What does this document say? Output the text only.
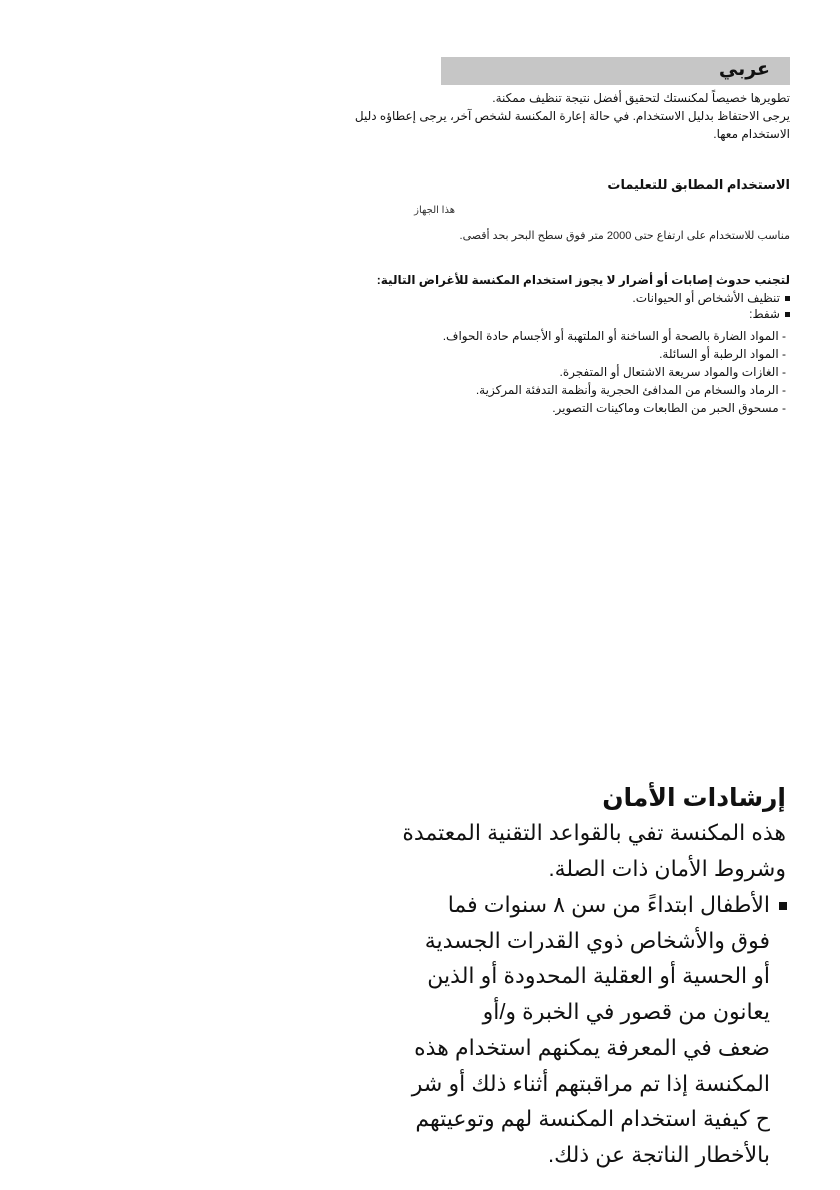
عربي
تطويرها خصيصاً لمكنستك لتحقيق أفضل نتيجة تنظيف ممكنة.
يرجى الاحتفاظ بدليل الاستخدام. في حالة إعارة المكنسة لشخص آخر، يرجى إعطاؤه دليل
الاستخدام معها.
الاستخدام المطابق للتعليمات
هذا الجهاز
مناسب للاستخدام على ارتفاع حتى 2000 متر فوق سطح البحر بحد أقصى.
لتجنب حدوث إصابات أو أضرار لا يجوز استخدام المكنسة للأغراض التالية:
تنظيف الأشخاص أو الحيوانات.
شفط:
- المواد الضارة بالصحة أو الساخنة أو الملتهبة أو الأجسام حادة الحواف.
- المواد الرطبة أو السائلة.
- الغازات والمواد سريعة الاشتعال أو المتفجرة.
- الرماد والسخام من المدافئ الحجرية وأنظمة التدفئة المركزية.
- مسحوق الحبر من الطابعات وماكينات التصوير.
إرشادات الأمان
هذه المكنسة تفي بالقواعد التقنية المعتمدة
وشروط الأمان ذات الصلة.
الأطفال ابتداءً من سن ٨ سنوات فما
فوق والأشخاص ذوي القدرات الجسدية
أو الحسية أو العقلية المحدودة أو الذين
يعانون من قصور في الخبرة و/أو
ضعف في المعرفة يمكنهم استخدام هذه
المكنسة إذا تم مراقبتهم أثناء ذلك أو شر
ح كيفية استخدام المكنسة لهم وتوعيتهم
بالأخطار الناتجة عن ذلك.
